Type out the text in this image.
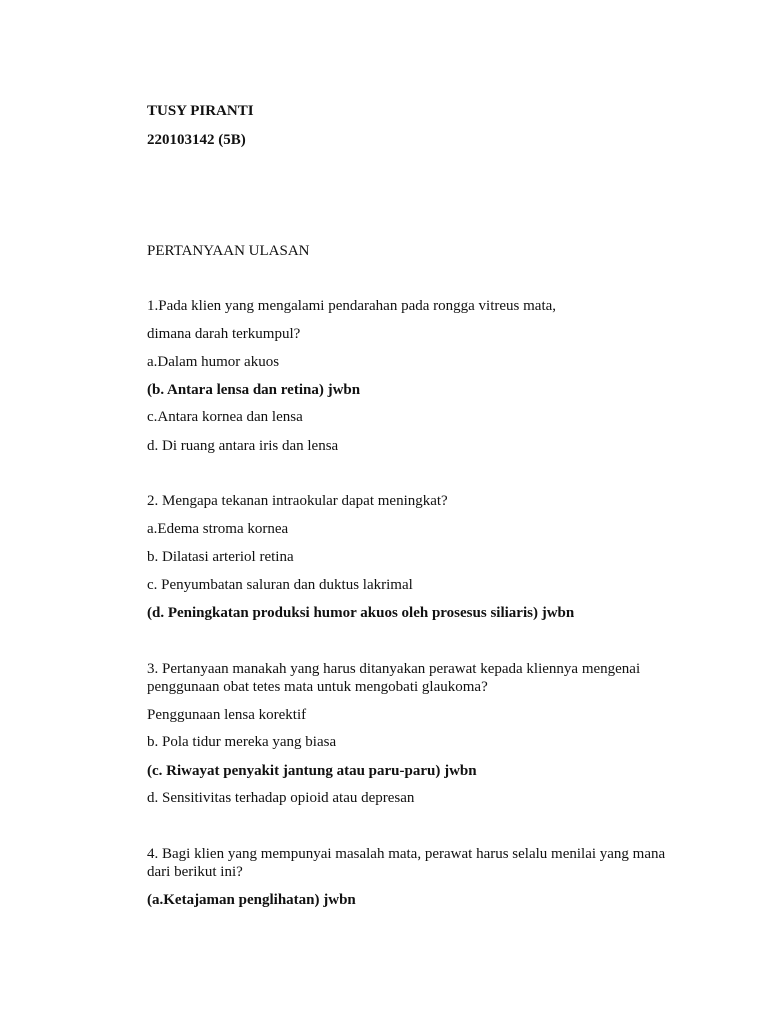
TUSY PIRANTI
220103142 (5B)
PERTANYAAN ULASAN
1.Pada klien yang mengalami pendarahan pada rongga vitreus mata,
dimana darah terkumpul?
a.Dalam humor akuos
(b. Antara lensa dan retina) jwbn
c.Antara kornea dan lensa
d. Di ruang antara iris dan lensa
2. Mengapa tekanan intraokular dapat meningkat?
a.Edema stroma kornea
b. Dilatasi arteriol retina
c. Penyumbatan saluran dan duktus lakrimal
(d. Peningkatan produksi humor akuos oleh prosesus siliaris) jwbn
3. Pertanyaan manakah yang harus ditanyakan perawat kepada kliennya mengenai penggunaan obat tetes mata untuk mengobati glaukoma?
Penggunaan lensa korektif
b. Pola tidur mereka yang biasa
(c. Riwayat penyakit jantung atau paru-paru) jwbn
d. Sensitivitas terhadap opioid atau depresan
4. Bagi klien yang mempunyai masalah mata, perawat harus selalu menilai yang mana dari berikut ini?
(a.Ketajaman penglihatan) jwbn
